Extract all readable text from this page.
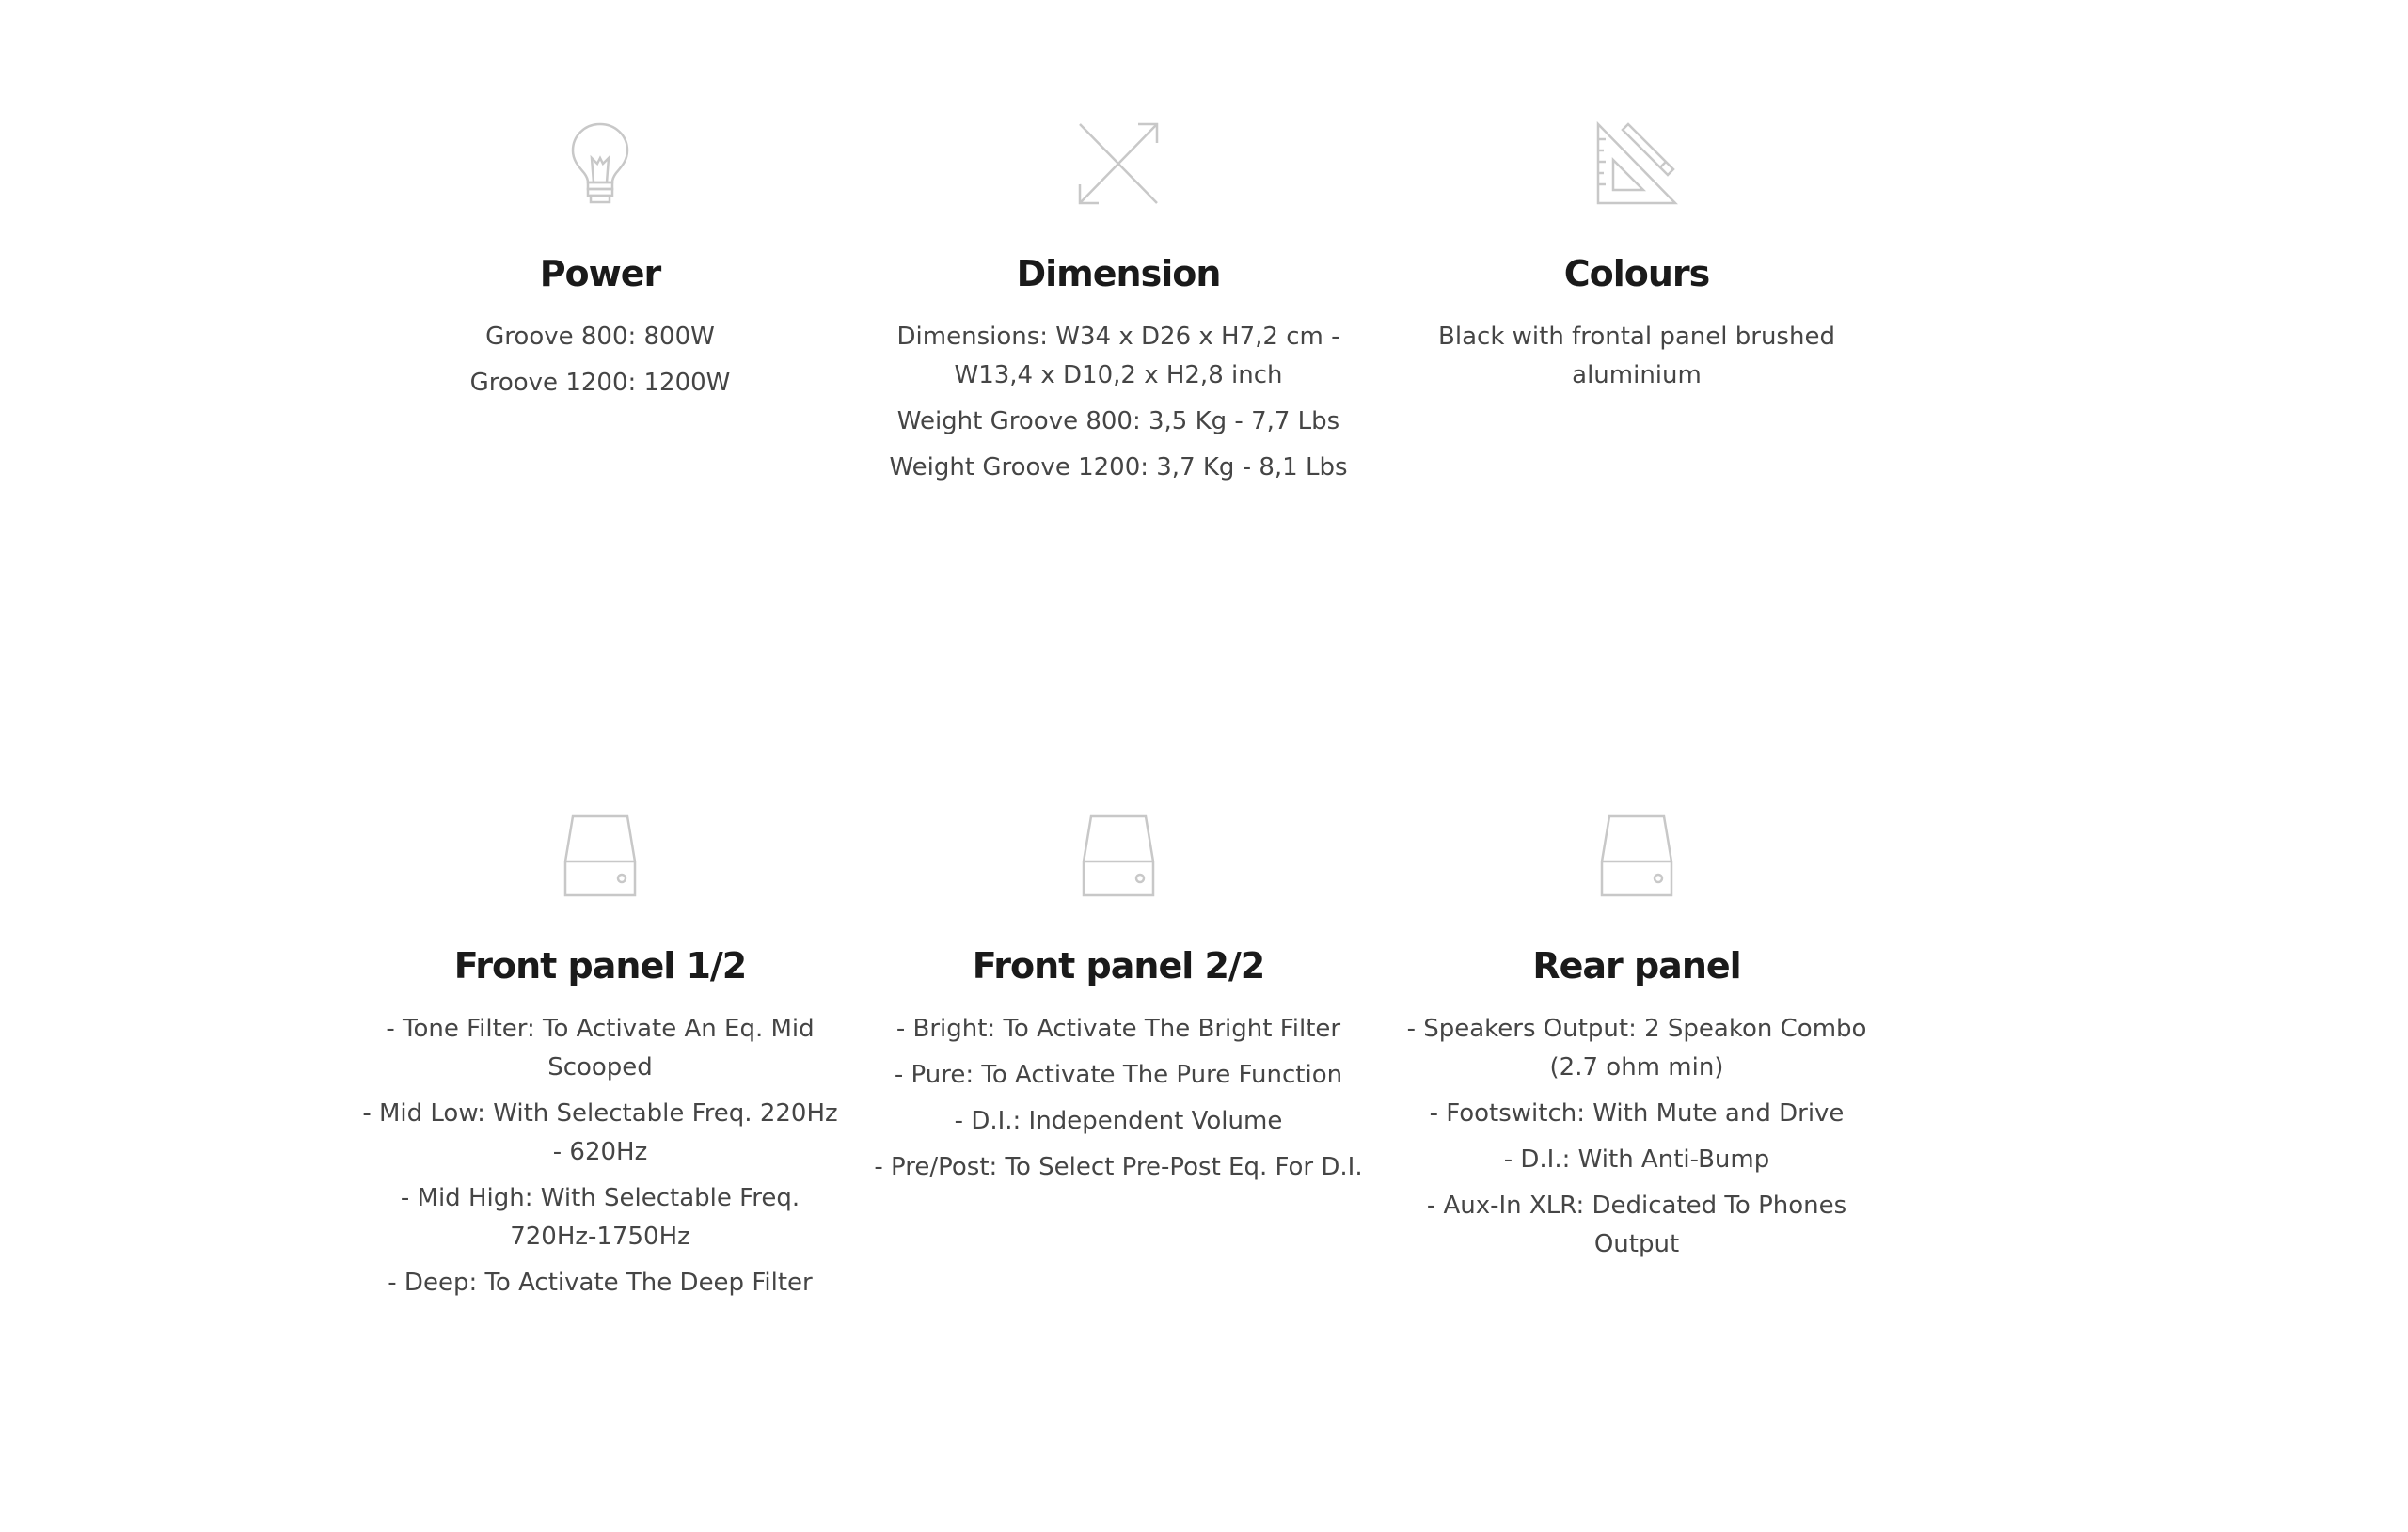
Power

Groove 800: 800W

Groove 1200: 1200W

Dimension

Dimensions: W34 x D26 x H7,2 cm - W13,4 x D10,2 x H2,8 inch

Weight Groove 800: 3,5 Kg - 7,7 Lbs

Weight Groove 1200: 3,7 Kg - 8,1 Lbs

Colours

Black with frontal panel brushed aluminium

Front panel 1/2

- Tone Filter: To Activate An Eq. Mid Scooped

- Mid Low: With Selectable Freq. 220Hz - 620Hz

- Mid High: With Selectable Freq. 720Hz-1750Hz

- Deep: To Activate The Deep Filter

Front panel 2/2

- Bright: To Activate The Bright Filter

- Pure: To Activate The Pure Function

- D.I.: Independent Volume

- Pre/Post: To Select Pre-Post Eq. For D.I.

Rear panel

- Speakers Output: 2 Speakon Combo (2.7 ohm min)

- Footswitch: With Mute and Drive

- D.I.: With Anti-Bump

- Aux-In XLR: Dedicated To Phones Output
